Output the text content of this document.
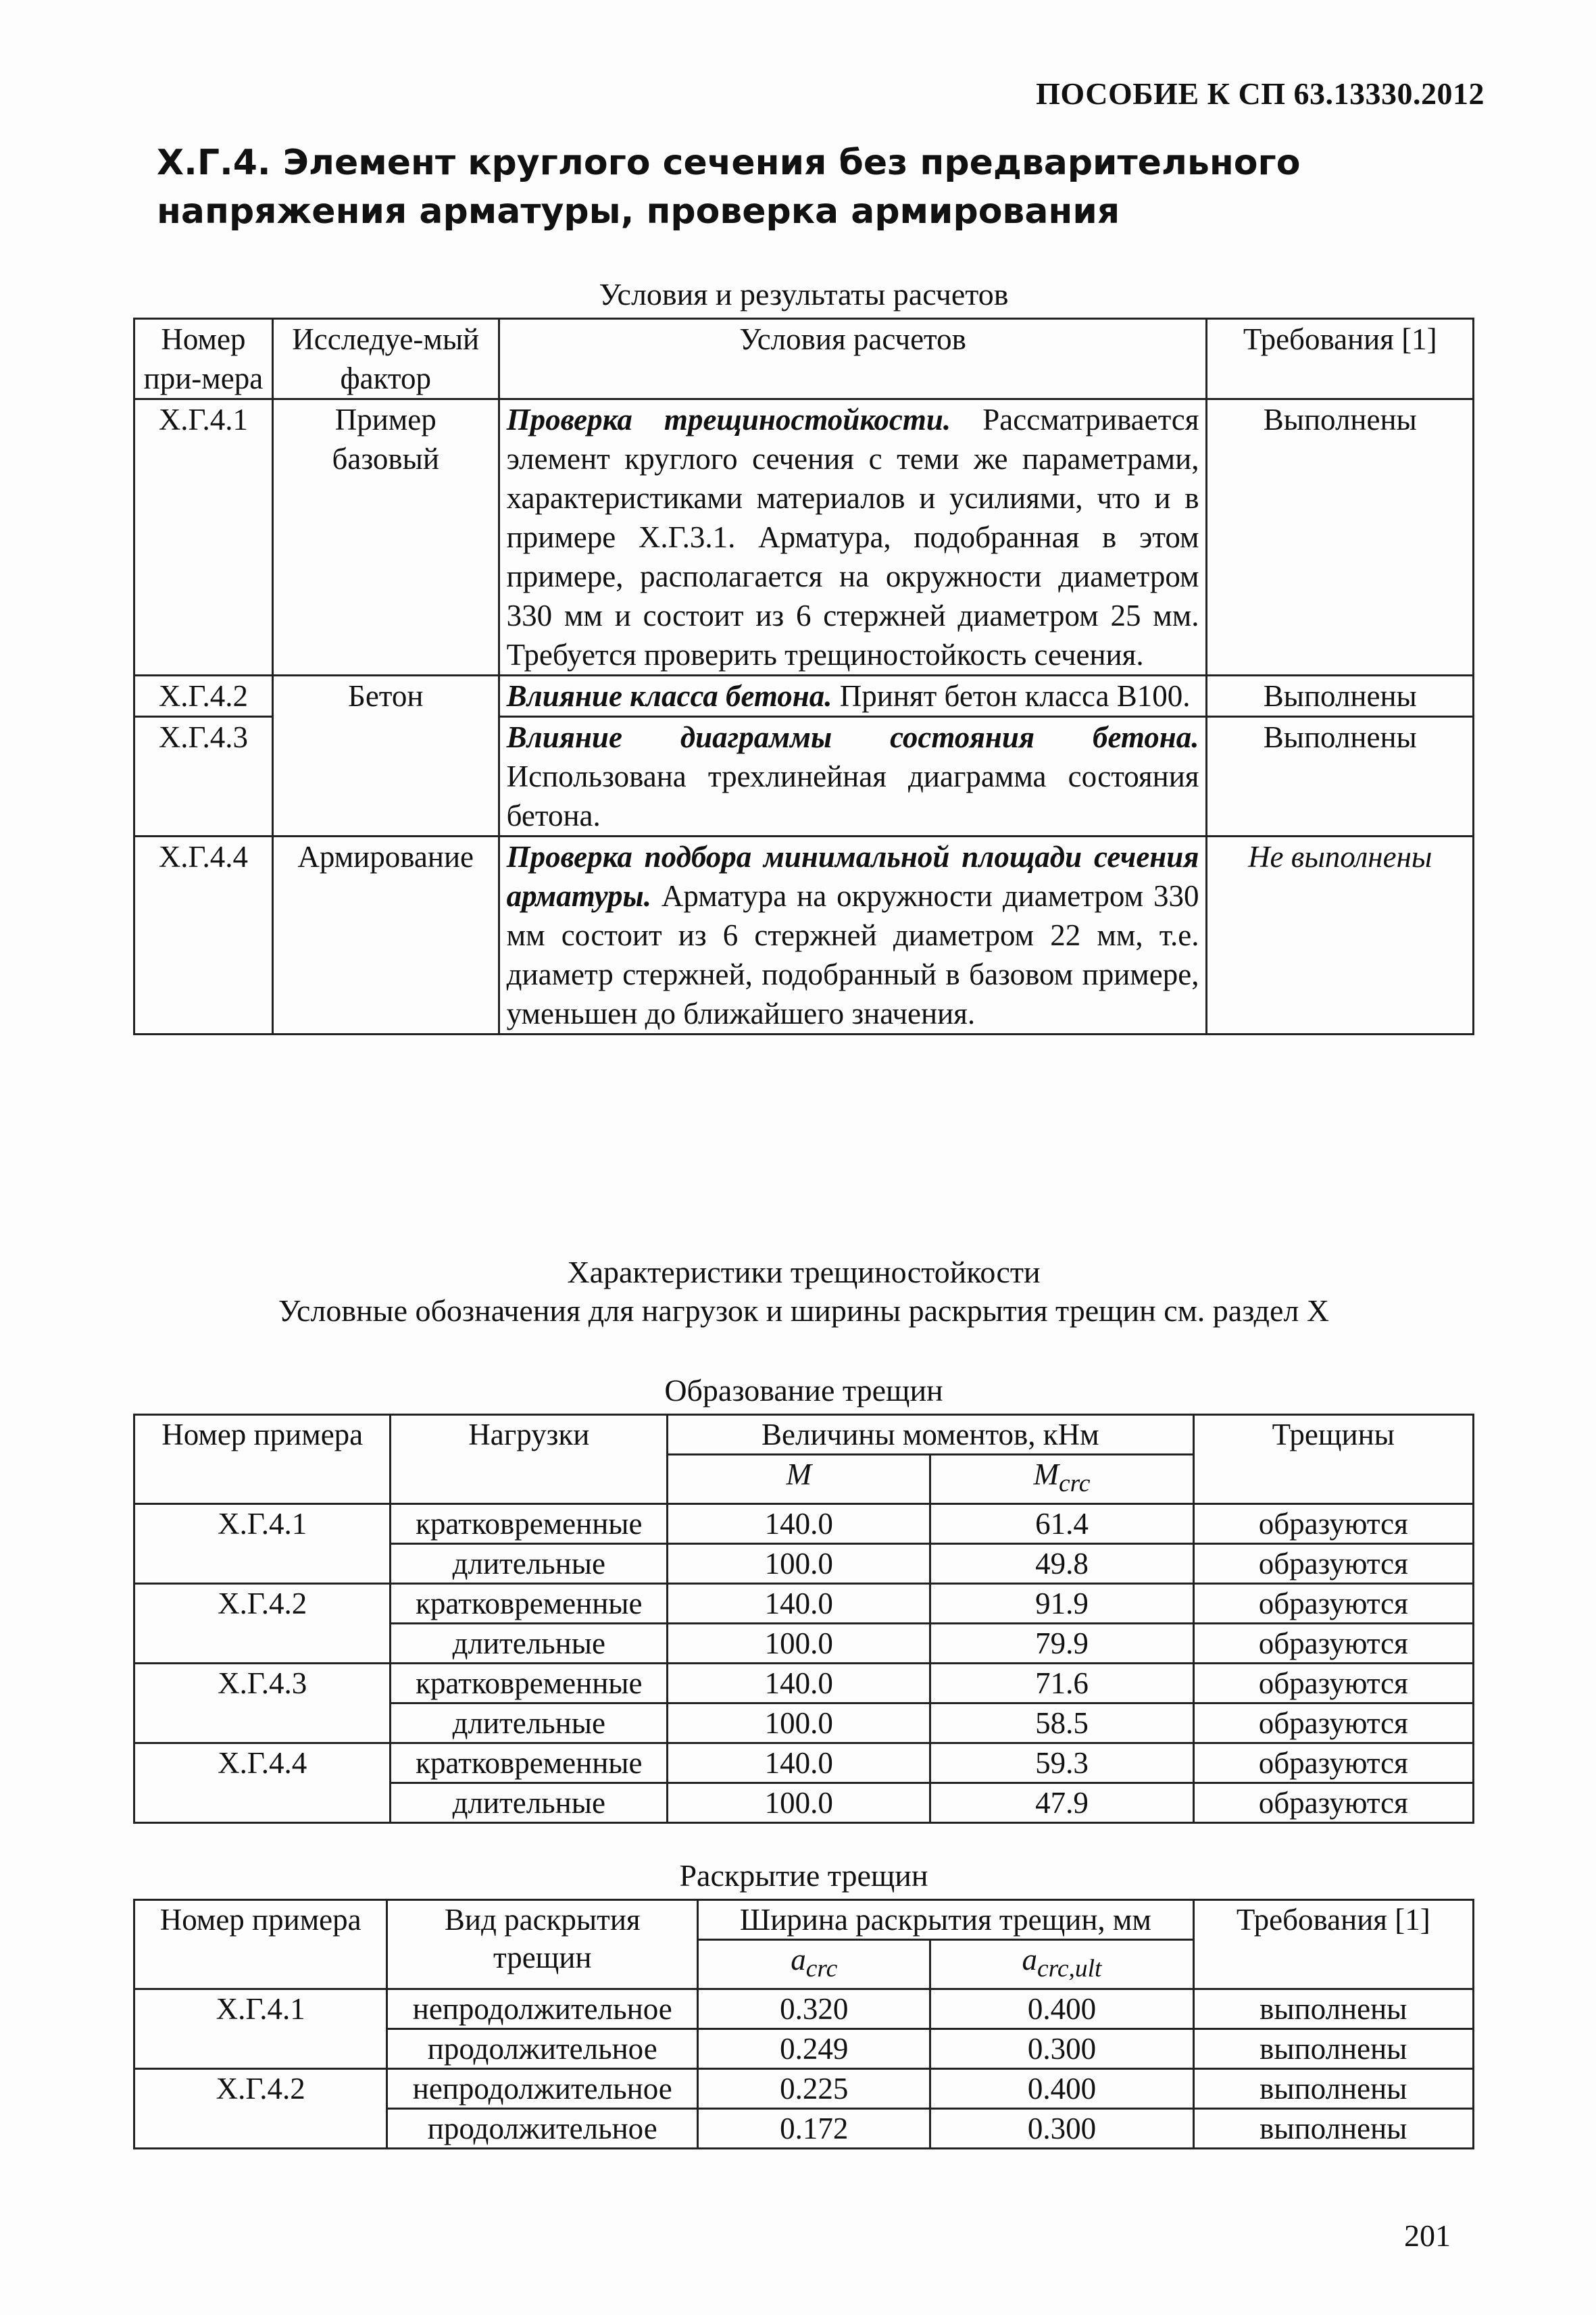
ПОСОБИЕ К СП 63.13330.2012
Х.Г.4. Элемент круглого сечения без предварительного напряжения арматуры, проверка армирования
Условия и результаты расчетов
Номер при-мера	Исследуе-мый фактор	Условия расчетов	Требования [1]
Х.Г.4.1	Пример базовый	Проверка трещиностойкости. Рассматривается элемент круглого сечения с теми же параметрами, характеристиками материалов и усилиями, что и в примере Х.Г.3.1. Арматура, подобранная в этом примере, располагается на окружности диаметром 330 мм и состоит из 6 стержней диаметром 25 мм. Требуется проверить трещиностойкость сечения.	Выполнены
Х.Г.4.2	Бетон	Влияние класса бетона. Принят бетон класса В100.	Выполнены
Х.Г.4.3		Влияние диаграммы состояния бетона. Использована трехлинейная диаграмма состояния бетона.	Выполнены
Х.Г.4.4	Армирование	Проверка подбора минимальной площади сечения арматуры. Арматура на окружности диаметром 330 мм состоит из 6 стержней диаметром 22 мм, т.е. диаметр стержней, подобранный в базовом примере, уменьшен до ближайшего значения.	Не выполнены
Характеристики трещиностойкости
Условные обозначения для нагрузок и ширины раскрытия трещин см. раздел Х
Образование трещин
Номер примера	Нагрузки	Величины моментов, кНм		Трещины
		M	$M_{crc}$
Х.Г.4.1	кратковременные	140.0	61.4	образуются
	длительные	100.0	49.8	образуются
Х.Г.4.2	кратковременные	140.0	91.9	образуются
	длительные	100.0	79.9	образуются
Х.Г.4.3	кратковременные	140.0	71.6	образуются
	длительные	100.0	58.5	образуются
Х.Г.4.4	кратковременные	140.0	59.3	образуются
	длительные	100.0	47.9	образуются
Раскрытие трещин
Номер примера	Вид раскрытия трещин	Ширина раскрытия трещин, мм		Требования [1]
		$a_{crc}$	$a_{crc,ult}$
Х.Г.4.1	непродолжительное	0.320	0.400	выполнены
	продолжительное	0.249	0.300	выполнены
Х.Г.4.2	непродолжительное	0.225	0.400	выполнены
	продолжительное	0.172	0.300	выполнены
201
